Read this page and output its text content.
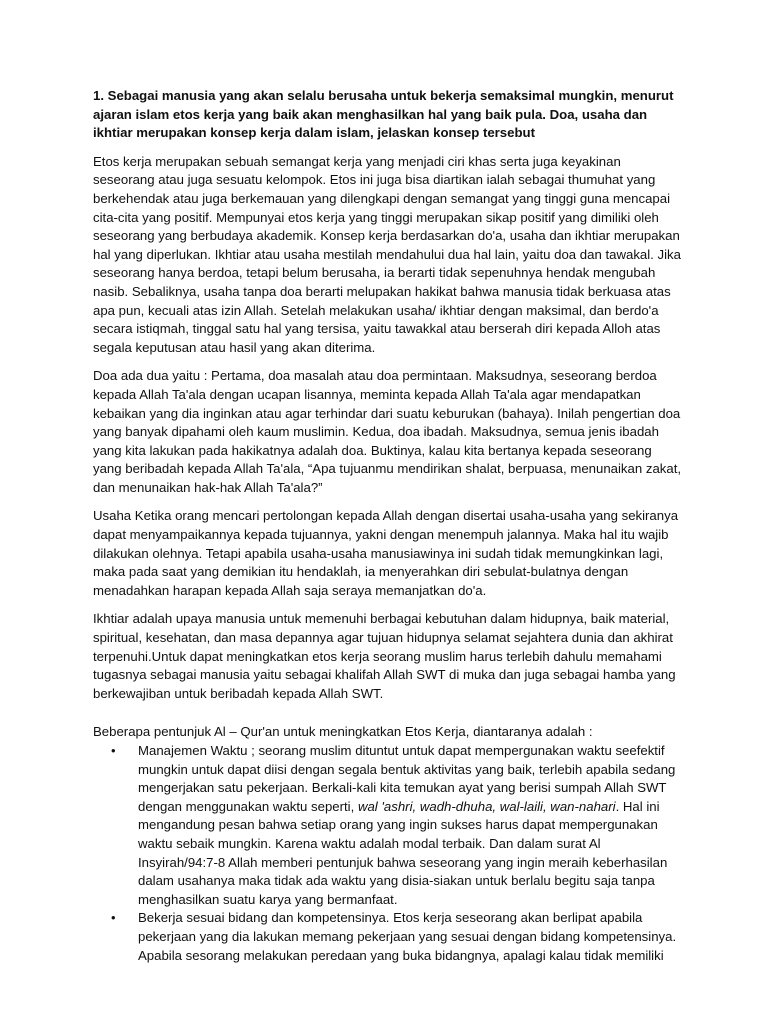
1. Sebagai manusia yang akan selalu berusaha untuk bekerja semaksimal mungkin, menurut ajaran islam etos kerja yang baik akan menghasilkan hal yang baik pula. Doa, usaha dan ikhtiar merupakan konsep kerja dalam islam, jelaskan konsep tersebut

Etos kerja merupakan sebuah semangat kerja yang menjadi ciri khas serta juga keyakinan seseorang atau juga sesuatu kelompok. Etos ini juga bisa diartikan ialah sebagai thumuhat yang berkehendak atau juga berkemauan yang dilengkapi dengan semangat yang tinggi guna mencapai cita-cita yang positif. Mempunyai etos kerja yang tinggi merupakan sikap positif yang dimiliki oleh seseorang yang berbudaya akademik. Konsep kerja berdasarkan do'a, usaha dan ikhtiar merupakan hal yang diperlukan. Ikhtiar atau usaha mestilah mendahului dua hal lain, yaitu doa dan tawakal. Jika seseorang hanya berdoa, tetapi belum berusaha, ia berarti tidak sepenuhnya hendak mengubah nasib. Sebaliknya, usaha tanpa doa berarti melupakan hakikat bahwa manusia tidak berkuasa atas apa pun, kecuali atas izin Allah. Setelah melakukan usaha/ ikhtiar dengan maksimal, dan berdo'a secara istiqmah, tinggal satu hal yang tersisa, yaitu tawakkal atau berserah diri kepada Alloh atas segala keputusan atau hasil yang akan diterima.

Doa ada dua yaitu : Pertama, doa masalah atau doa permintaan. Maksudnya, seseorang berdoa kepada Allah Ta'ala dengan ucapan lisannya, meminta kepada Allah Ta'ala agar mendapatkan kebaikan yang dia inginkan atau agar terhindar dari suatu keburukan (bahaya). Inilah pengertian doa yang banyak dipahami oleh kaum muslimin. Kedua, doa ibadah. Maksudnya, semua jenis ibadah yang kita lakukan pada hakikatnya adalah doa. Buktinya, kalau kita bertanya kepada seseorang yang beribadah kepada Allah Ta'ala, “Apa tujuanmu mendirikan shalat, berpuasa, menunaikan zakat, dan menunaikan hak-hak Allah Ta'ala?”

Usaha Ketika orang mencari pertolongan kepada Allah dengan disertai usaha-usaha yang sekiranya dapat menyampaikannya kepada tujuannya, yakni dengan menempuh jalannya. Maka hal itu wajib dilakukan olehnya. Tetapi apabila usaha-usaha manusiawinya ini sudah tidak memungkinkan lagi, maka pada saat yang demikian itu hendaklah, ia menyerahkan diri sebulat-bulatnya dengan menadahkan harapan kepada Allah saja seraya memanjatkan do'a.

Ikhtiar adalah upaya manusia untuk memenuhi berbagai kebutuhan dalam hidupnya, baik material, spiritual, kesehatan, dan masa depannya agar tujuan hidupnya selamat sejahtera dunia dan akhirat terpenuhi.Untuk dapat meningkatkan etos kerja seorang muslim harus terlebih dahulu memahami tugasnya sebagai manusia yaitu sebagai khalifah Allah SWT di muka dan juga sebagai hamba yang berkewajiban untuk beribadah kepada Allah SWT.

Beberapa pentunjuk Al – Qur'an untuk meningkatkan Etos Kerja, diantaranya adalah :

• Manajemen Waktu ; seorang muslim dituntut untuk dapat mempergunakan waktu seefektif mungkin untuk dapat diisi dengan segala bentuk aktivitas yang baik, terlebih apabila sedang mengerjakan satu pekerjaan. Berkali-kali kita temukan ayat yang berisi sumpah Allah SWT dengan menggunakan waktu seperti, wal 'ashri, wadh-dhuha, wal-laili, wan-nahari. Hal ini mengandung pesan bahwa setiap orang yang ingin sukses harus dapat mempergunakan waktu sebaik mungkin. Karena waktu adalah modal terbaik. Dan dalam surat Al Insyirah/94:7-8 Allah memberi pentunjuk bahwa seseorang yang ingin meraih keberhasilan dalam usahanya maka tidak ada waktu yang disia-siakan untuk berlalu begitu saja tanpa menghasilkan suatu karya yang bermanfaat.
• Bekerja sesuai bidang dan kompetensinya. Etos kerja seseorang akan berlipat apabila pekerjaan yang dia lakukan memang pekerjaan yang sesuai dengan bidang kompetensinya. Apabila sesorang melakukan peredaan yang buka bidangnya, apalagi kalau tidak memiliki
